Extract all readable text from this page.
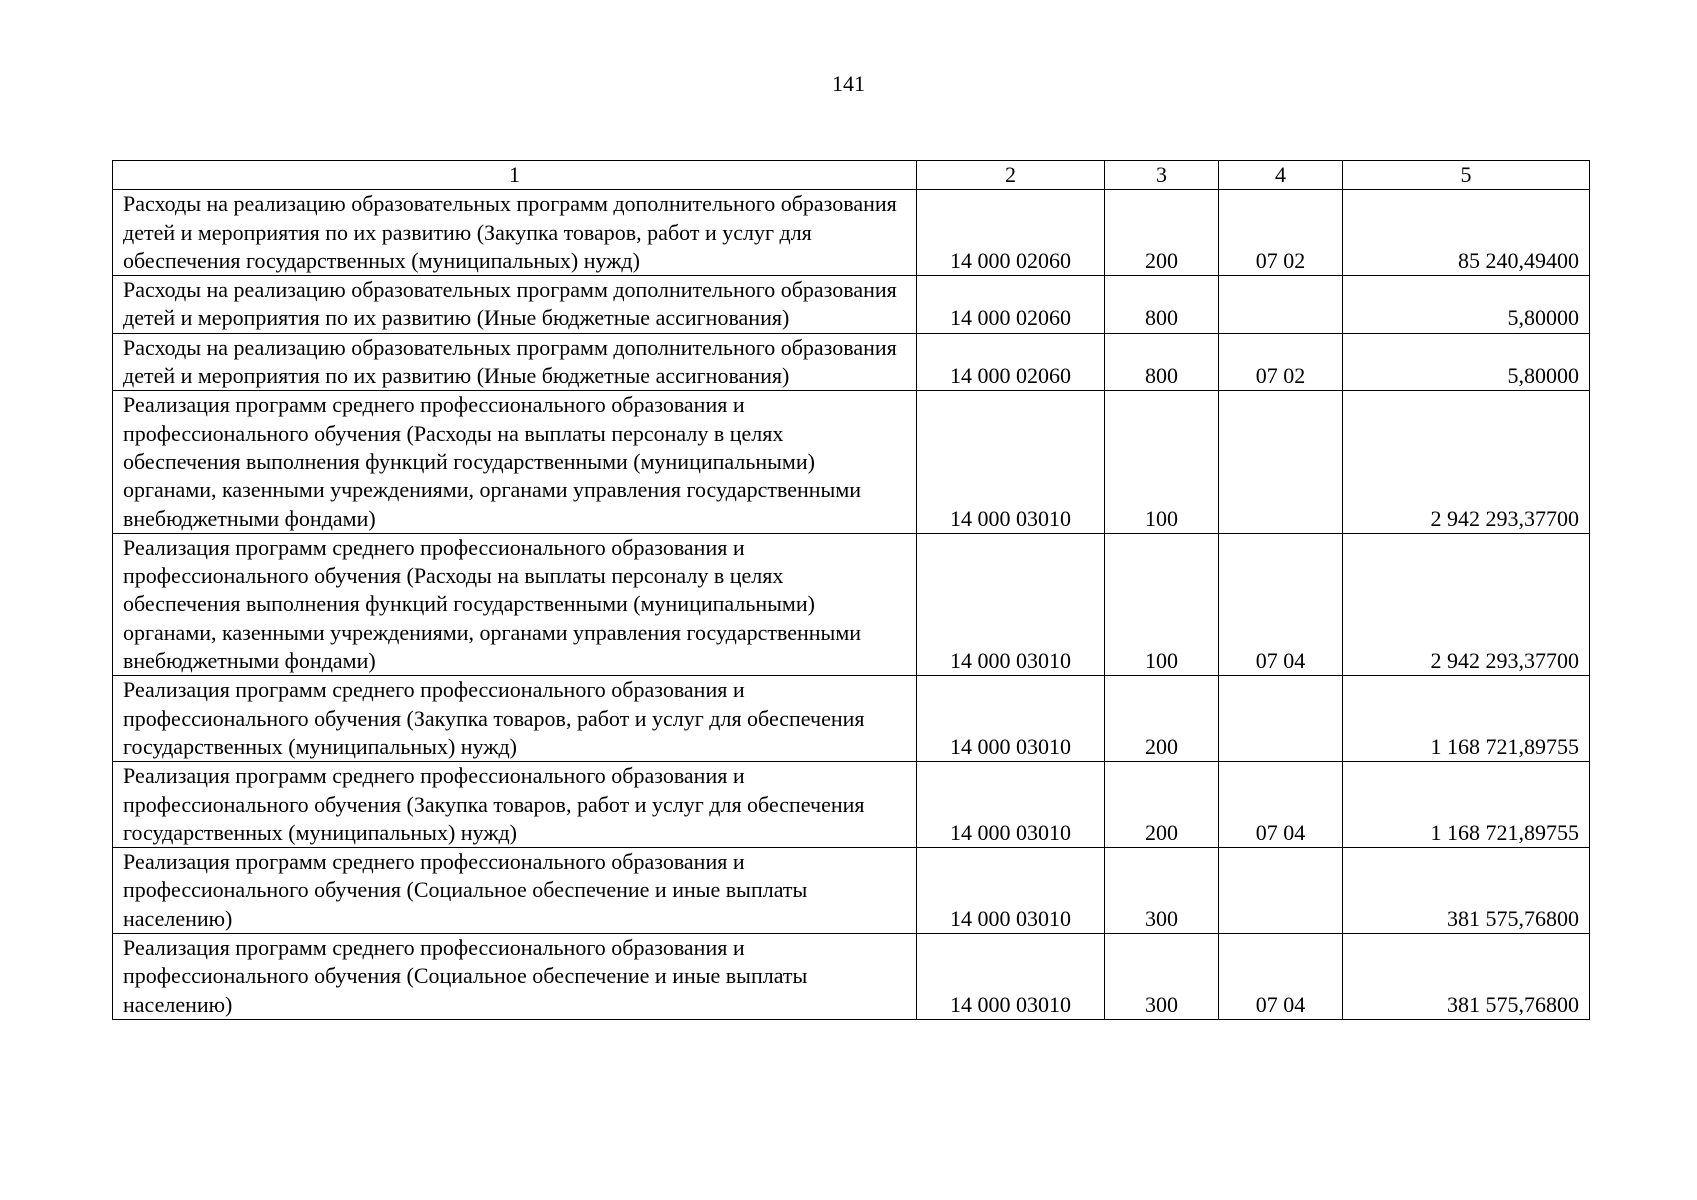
141
1	2	3	4	5
Расходы на реализацию образовательных программ дополнительного образования детей и мероприятия по их развитию (Закупка товаров, работ и услуг для обеспечения государственных (муниципальных) нужд)	14 000 02060	200	07 02	85 240,49400
Расходы на реализацию образовательных программ дополнительного образования детей и мероприятия по их развитию (Иные бюджетные ассигнования)	14 000 02060	800		5,80000
Расходы на реализацию образовательных программ дополнительного образования детей и мероприятия по их развитию (Иные бюджетные ассигнования)	14 000 02060	800	07 02	5,80000
Реализация программ среднего профессионального образования и профессионального обучения (Расходы на выплаты персоналу в целях обеспечения выполнения функций государственными (муниципальными) органами, казенными учреждениями, органами управления государственными внебюджетными фондами)	14 000 03010	100		2 942 293,37700
Реализация программ среднего профессионального образования и профессионального обучения (Расходы на выплаты персоналу в целях обеспечения выполнения функций государственными (муниципальными) органами, казенными учреждениями, органами управления государственными внебюджетными фондами)	14 000 03010	100	07 04	2 942 293,37700
Реализация программ среднего профессионального образования и профессионального обучения (Закупка товаров, работ и услуг для обеспечения государственных (муниципальных) нужд)	14 000 03010	200		1 168 721,89755
Реализация программ среднего профессионального образования и профессионального обучения (Закупка товаров, работ и услуг для обеспечения государственных (муниципальных) нужд)	14 000 03010	200	07 04	1 168 721,89755
Реализация программ среднего профессионального образования и профессионального обучения (Социальное обеспечение и иные выплаты населению)	14 000 03010	300		381 575,76800
Реализация программ среднего профессионального образования и профессионального обучения (Социальное обеспечение и иные выплаты населению)	14 000 03010	300	07 04	381 575,76800
